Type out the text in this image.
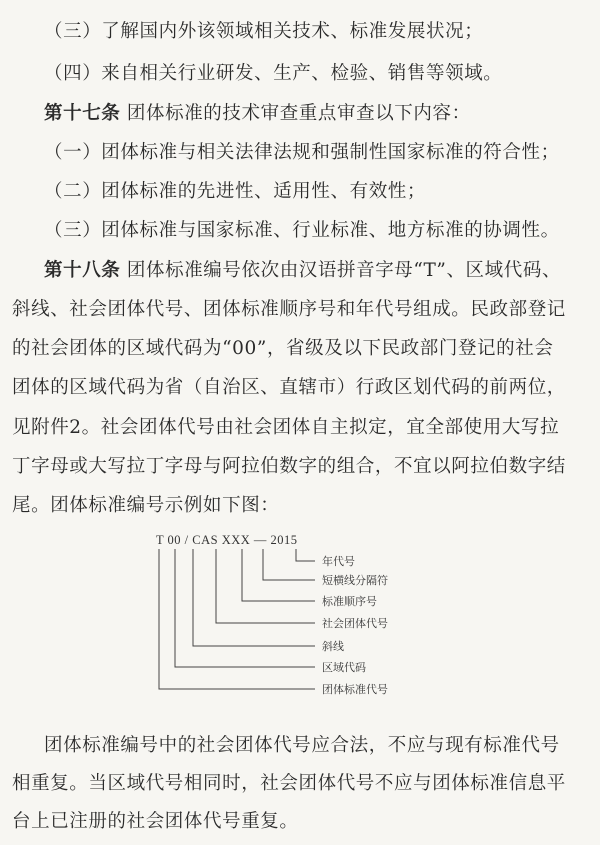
（三）了解国内外该领域相关技术、标准发展状况；
（四）来自相关行业研发、生产、检验、销售等领域。
第十七条 团体标准的技术审查重点审查以下内容：
（一）团体标准与相关法律法规和强制性国家标准的符合性；
（二）团体标准的先进性、适用性、有效性；
（三）团体标准与国家标准、行业标准、地方标准的协调性。
第十八条 团体标准编号依次由汉语拼音字母“T”、区域代码、
斜线、社会团体代号、团体标准顺序号和年代号组成。民政部登记
的社会团体的区域代码为“00”，省级及以下民政部门登记的社会
团体的区域代码为省（自治区、直辖市）行政区划代码的前两位，
见附件2。社会团体代号由社会团体自主拟定，宜全部使用大写拉
丁字母或大写拉丁字母与阿拉伯数字的组合，不宜以阿拉伯数字结
尾。团体标准编号示例如下图：
T 00 / CAS XXX — 2015
年代号
短横线分隔符
标准顺序号
社会团体代号
斜线
区域代码
团体标准代号
团体标准编号中的社会团体代号应合法，不应与现有标准代号
相重复。当区域代号相同时，社会团体代号不应与团体标准信息平
台上已注册的社会团体代号重复。
